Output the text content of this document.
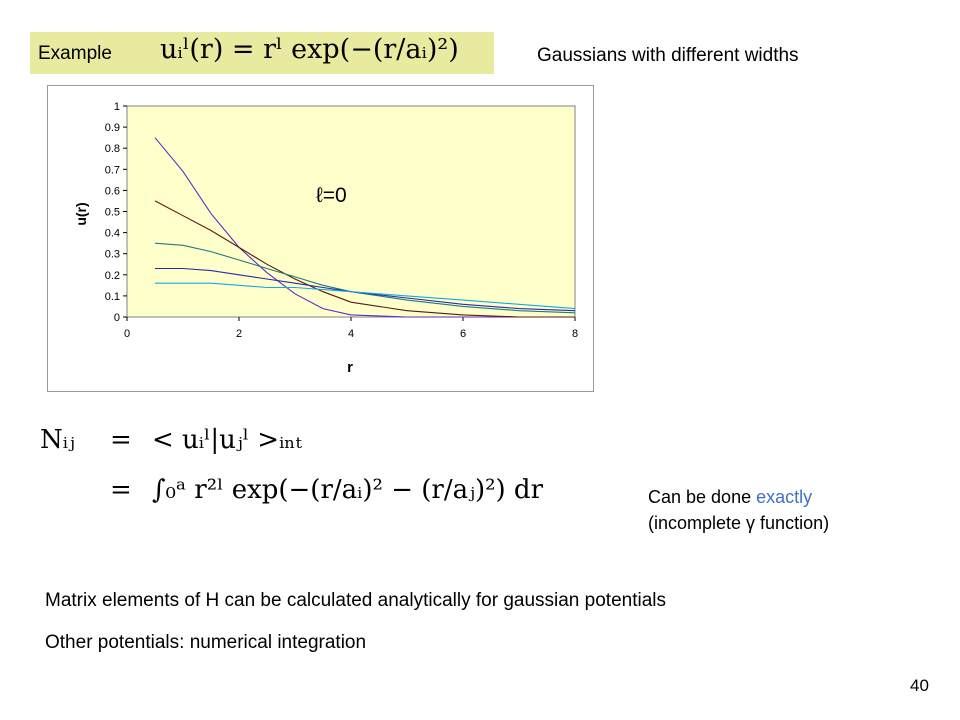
Example uᵢˡ(r) = rˡ exp(−(r/aᵢ)²)	Gaussians with different widths
0
0.1
0.2
0.3
0.4
0.5
0.6
0.7
0.8
0.9
1
0	2	4	6	8
u(r)
r
ℓ=0
Nᵢⱼ = < uᵢˡ|uⱼˡ >ᵢₙₜ
= ∫₀ᵃ r²ˡ exp(−(r/aᵢ)² − (r/aⱼ)²) dr	Can be done exactly
(incomplete γ function)
Matrix elements of H can be calculated analytically for gaussian potentials
Other potentials: numerical integration
40
